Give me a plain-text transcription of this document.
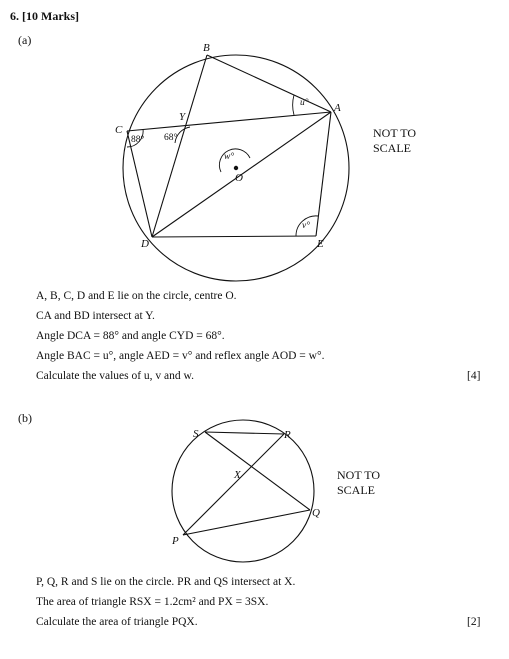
6. [10 Marks]
(a)
B
A
C
D	E
O
Y
88° 68°
u°
w°
v°
S	R
X
Q
P
NOT TO
SCALE
A, B, C, D and E lie on the circle, centre O.
CA and BD intersect at Y.
Angle DCA = 88° and angle CYD = 68°.
Angle BAC = u°, angle AED = v° and reflex angle AOD = w°.
Calculate the values of u, v and w.	[4]
(b)
NOT TO
SCALE
P, Q, R and S lie on the circle. PR and QS intersect at X.
The area of triangle RSX = 1.2cm² and PX = 3SX.
Calculate the area of triangle PQX.	[2]
